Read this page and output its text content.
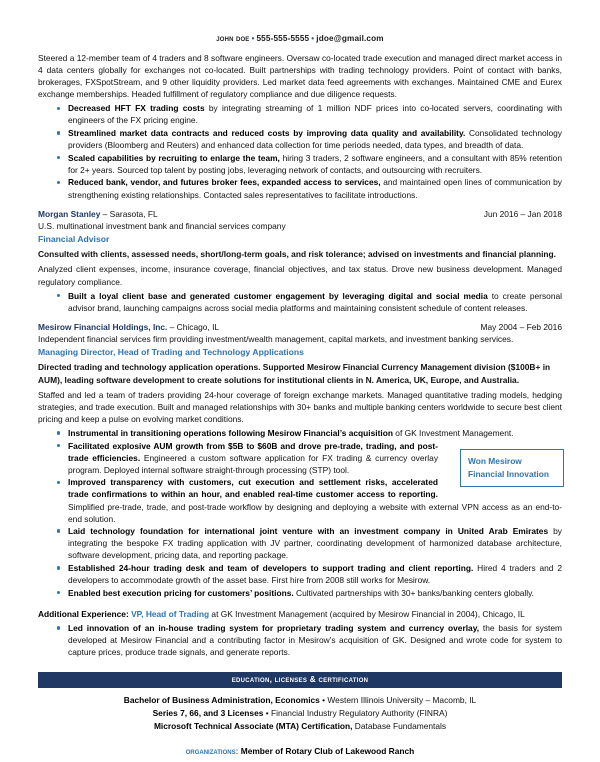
john doe • 555-555-5555 • jdoe@gmail.com

Steered a 12-member team of 4 traders and 8 software engineers. Oversaw co-located trade execution and managed direct market access in 4 data centers globally for exchanges not co-located. Built partnerships with trading technology providers. Point of contact with banks, brokerages, FXSpotStream, and 9 other liquidity providers. Led market data feed agreements with exchanges. Maintained CME and Eurex exchange memberships. Headed fulfillment of regulatory compliance and due diligence requests.

Decreased HFT FX trading costs by integrating streaming of 1 million NDF prices into co-located servers, coordinating with engineers of the FX pricing engine.
Streamlined market data contracts and reduced costs by improving data quality and availability. Consolidated technology providers (Bloomberg and Reuters) and enhanced data collection for time periods needed, data types, and breadth of data.
Scaled capabilities by recruiting to enlarge the team, hiring 3 traders, 2 software engineers, and a consultant with 85% retention for 2+ years. Sourced top talent by posting jobs, leveraging network of contacts, and outsourcing with recruiters.
Reduced bank, vendor, and futures broker fees, expanded access to services, and maintained open lines of communication by strengthening existing relationships. Contacted sales representatives to facilitate introductions.
Morgan Stanley – Sarasota, FL	Jun 2016 – Jan 2018
U.S. multinational investment bank and financial services company
Financial Advisor

Consulted with clients, assessed needs, short/long-term goals, and risk tolerance; advised on investments and financial planning.

Analyzed client expenses, income, insurance coverage, financial objectives, and tax status. Drove new business development. Managed regulatory compliance.

Built a loyal client base and generated customer engagement by leveraging digital and social media to create personal advisor brand, launching campaigns across social media platforms and maintaining consistent schedule of content releases.
Mesirow Financial Holdings, Inc. – Chicago, IL	May 2004 – Feb 2016
Independent financial services firm providing investment/wealth management, capital markets, and investment banking services.
Managing Director, Head of Trading and Technology Applications

Directed trading and technology application operations. Supported Mesirow Financial Currency Management division ($100B+ in AUM), leading software development to create solutions for institutional clients in N. America, UK, Europe, and Australia.

Staffed and led a team of traders providing 24-hour coverage of foreign exchange markets. Managed quantitative trading models, hedging strategies, and trade execution. Built and managed relationships with 30+ banks and multiple banking centers worldwide to secure best client pricing and keep a pulse on evolving market conditions.

Instrumental in transitioning operations following Mesirow Financial’s acquisition of GK Investment Management.
Facilitated explosive AUM growth from $5B to $60B and drove pre-trade, trading, and post-trade efficiencies. Engineered a custom software application for FX trading & currency overlay program. Deployed internal software straight-through processing (STP) tool.
Improved transparency with customers, cut execution and settlement risks, accelerated trade confirmations to within an hour, and enabled real-time customer access to reporting. Simplified pre-trade, trade, and post-trade workflow by designing and deploying a website with external VPN access as an end-to-end solution.
Laid technology foundation for international joint venture with an investment company in United Arab Emirates by integrating the bespoke FX trading application with JV partner, coordinating development of harmonized database architecture, software development, pricing data, and reporting package.
Established 24-hour trading desk and team of developers to support trading and client reporting. Hired 4 traders and 2 developers to accommodate growth of the asset base. First hire from 2008 still works for Mesirow.
Enabled best execution pricing for customers’ positions. Cultivated partnerships with 30+ banks/banking centers globally.
Won Mesirow
Financial Innovation
Additional Experience: VP, Head of Trading at GK Investment Management (acquired by Mesirow Financial in 2004), Chicago, IL
Led innovation of an in-house trading system for proprietary trading system and currency overlay, the basis for system developed at Mesirow Financial and a contributing factor in Mesirow’s acquisition of GK. Designed and wrote code for system to capture prices, produce trade signals, and generate reports.
education, licenses & certification
Bachelor of Business Administration, Economics • Western Illinois University – Macomb, IL
Series 7, 66, and 3 Licenses • Financial Industry Regulatory Authority (FINRA)
Microsoft Technical Associate (MTA) Certification, Database Fundamentals
organizations: Member of Rotary Club of Lakewood Ranch
